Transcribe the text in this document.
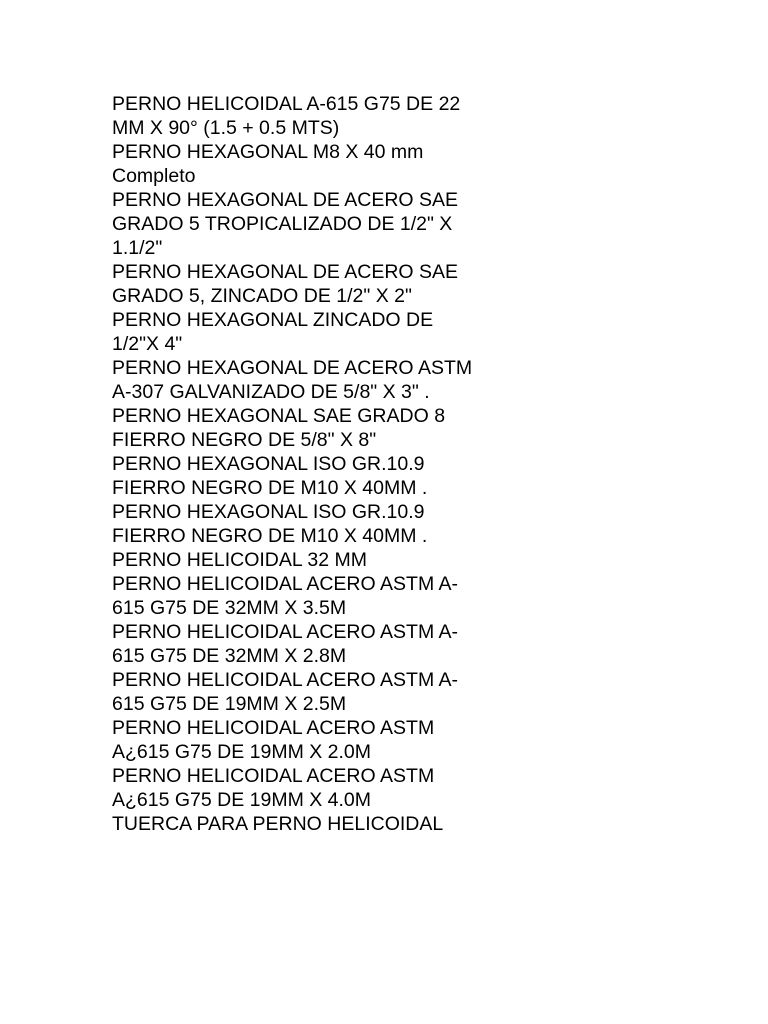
PERNO HELICOIDAL A-615 G75 DE 22
MM X 90° (1.5 + 0.5 MTS)
PERNO HEXAGONAL M8 X 40 mm
Completo
PERNO HEXAGONAL DE ACERO SAE
GRADO 5 TROPICALIZADO DE 1/2" X
1.1/2"
PERNO HEXAGONAL DE ACERO SAE
GRADO 5, ZINCADO DE 1/2" X 2"
PERNO HEXAGONAL ZINCADO DE
1/2"X 4"
PERNO HEXAGONAL DE ACERO ASTM
A-307 GALVANIZADO DE 5/8" X 3" .
PERNO HEXAGONAL SAE GRADO 8
FIERRO NEGRO DE 5/8" X 8"
PERNO HEXAGONAL ISO GR.10.9
FIERRO NEGRO DE M10 X 40MM .
PERNO HEXAGONAL ISO GR.10.9
FIERRO NEGRO DE M10 X 40MM .
PERNO HELICOIDAL 32 MM
PERNO HELICOIDAL ACERO ASTM A-
615 G75 DE 32MM X 3.5M
PERNO HELICOIDAL ACERO ASTM A-
615 G75 DE 32MM X 2.8M
PERNO HELICOIDAL ACERO ASTM A-
615 G75 DE 19MM X 2.5M
PERNO HELICOIDAL ACERO ASTM
A¿615 G75 DE 19MM X 2.0M
PERNO HELICOIDAL ACERO ASTM
A¿615 G75 DE 19MM X 4.0M
TUERCA PARA PERNO HELICOIDAL
